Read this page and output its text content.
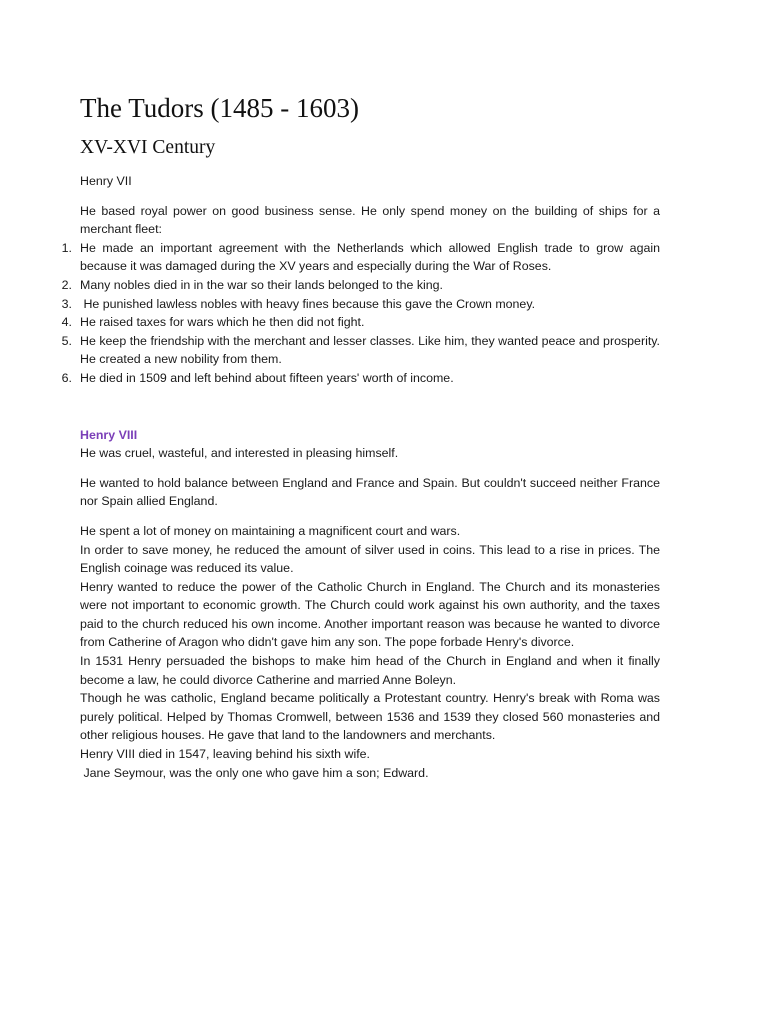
The Tudors (1485 - 1603)
XV-XVI Century
Henry VII

He based royal power on good business sense. He only spend money on the building of ships for a merchant fleet:

1. He made an important agreement with the Netherlands which allowed English trade to grow again because it was damaged during the XV years and especially during the War of Roses.
2. Many nobles died in in the war so their lands belonged to the king.
3. He punished lawless nobles with heavy fines because this gave the Crown money.
4. He raised taxes for wars which he then did not fight.
5. He keep the friendship with the merchant and lesser classes. Like him, they wanted peace and prosperity. He created a new nobility from them.
6. He died in 1509 and left behind about fifteen years' worth of income.
Henry VIII

He was cruel, wasteful, and interested in pleasing himself.

He wanted to hold balance between England and France and Spain. But couldn't succeed neither France nor Spain allied England.

He spent a lot of money on maintaining a magnificent court and wars.

In order to save money, he reduced the amount of silver used in coins. This lead to a rise in prices. The English coinage was reduced its value.

Henry wanted to reduce the power of the Catholic Church in England. The Church and its monasteries were not important to economic growth. The Church could work against his own authority, and the taxes paid to the church reduced his own income. Another important reason was because he wanted to divorce from Catherine of Aragon who didn't gave him any son. The pope forbade Henry's divorce.

In 1531 Henry persuaded the bishops to make him head of the Church in England and when it finally become a law, he could divorce Catherine and married Anne Boleyn.

Though he was catholic, England became politically a Protestant country. Henry's break with Roma was purely political. Helped by Thomas Cromwell, between 1536 and 1539 they closed 560 monasteries and other religious houses. He gave that land to the landowners and merchants.

Henry VIII died in 1547, leaving behind his sixth wife.

Jane Seymour, was the only one who gave him a son; Edward.
